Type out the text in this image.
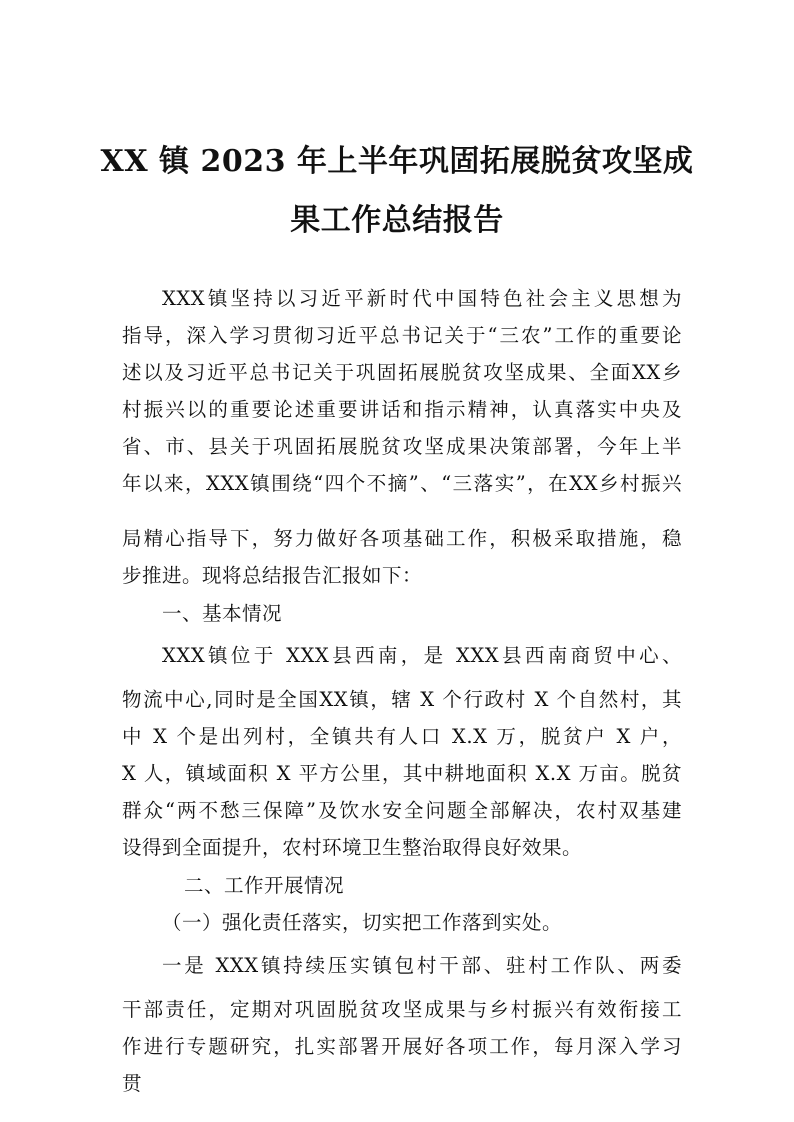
XX 镇 2023 年上半年巩固拓展脱贫攻坚成
果工作总结报告
XXX镇坚持以习近平新时代中国特色社会主义思想为
指导，深入学习贯彻习近平总书记关于“三农”工作的重要论
述以及习近平总书记关于巩固拓展脱贫攻坚成果、全面XX乡
村振兴以的重要论述重要讲话和指示精神，认真落实中央及
省、市、县关于巩固拓展脱贫攻坚成果决策部署，今年上半
年以来，XXX镇围绕“四个不摘”、“三落实”，在XX乡村振兴
局精心指导下，努力做好各项基础工作，积极采取措施，稳
步推进。现将总结报告汇报如下：
一、基本情况
XXX镇位于 XXX县西南，是 XXX县西南商贸中心、
物流中心,同时是全国XX镇，辖 X 个行政村 X 个自然村，其
中 X 个是出列村，全镇共有人口 X.X 万，脱贫户 X 户，
X 人，镇域面积 X 平方公里，其中耕地面积 X.X 万亩。脱贫
群众“两不愁三保障”及饮水安全问题全部解决，农村双基建
设得到全面提升，农村环境卫生整治取得良好效果。
二、工作开展情况
（一）强化责任落实，切实把工作落到实处。
一是 XXX镇持续压实镇包村干部、驻村工作队、两委
干部责任，定期对巩固脱贫攻坚成果与乡村振兴有效衔接工
作进行专题研究，扎实部署开展好各项工作，每月深入学习
贯
